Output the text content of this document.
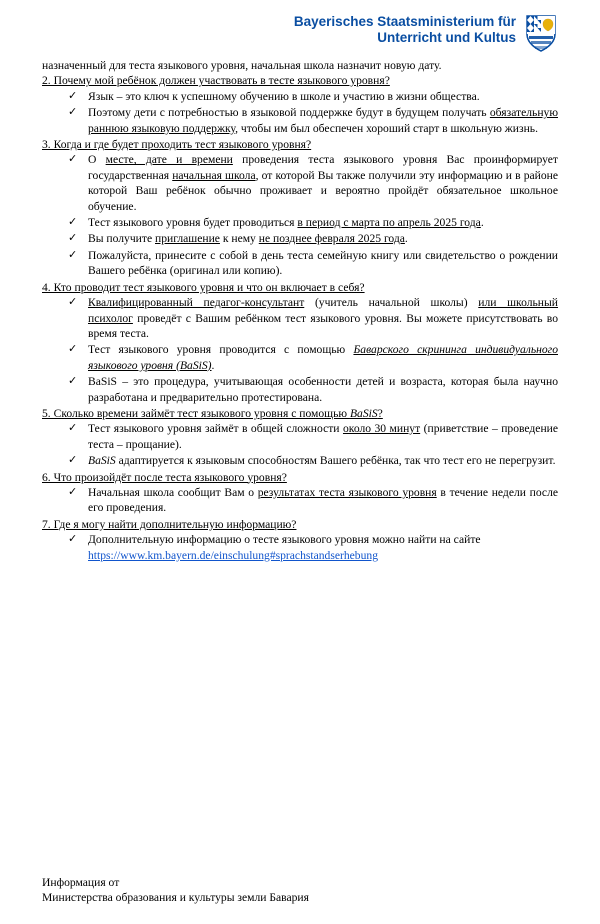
Bayerisches Staatsministerium für
Unterricht und Kultus

назначенный для теста языкового уровня, начальная школа назначит новую дату.

2. Почему мой ребёнок должен участвовать в тесте языкового уровня?

✓ Язык – это ключ к успешному обучению в школе и участию в жизни общества.
✓ Поэтому дети с потребностью в языковой поддержке будут в будущем получать обязательную раннюю языковую поддержку, чтобы им был обеспечен хороший старт в школьную жизнь.

3. Когда и где будет проходить тест языкового уровня?

✓ О месте, дате и времени проведения теста языкового уровня Вас проинформирует государственная начальная школа, от которой Вы также получили эту информацию и в районе которой Ваш ребёнок обычно проживает и вероятно пройдёт обязательное школьное обучение.
✓ Тест языкового уровня будет проводиться в период с марта по апрель 2025 года.
✓ Вы получите приглашение к нему не позднее февраля 2025 года.
✓ Пожалуйста, принесите с собой в день теста семейную книгу или свидетельство о рождении Вашего ребёнка (оригинал или копию).

4. Кто проводит тест языкового уровня и что он включает в себя?

✓ Квалифицированный педагог-консультант (учитель начальной школы) или школьный психолог проведёт с Вашим ребёнком тест языкового уровня. Вы можете присутствовать во время теста.
✓ Тест языкового уровня проводится с помощью Баварского скрининга индивидуального языкового уровня (BaSiS).
✓ BaSiS – это процедура, учитывающая особенности детей и возраста, которая была научно разработана и предварительно протестирована.

5. Сколько времени займёт тест языкового уровня с помощью BaSiS?

✓ Тест языкового уровня займёт в общей сложности около 30 минут (приветствие – проведение теста – прощание).
✓ BaSiS адаптируется к языковым способностям Вашего ребёнка, так что тест его не перегрузит.

6. Что произойдёт после теста языкового уровня?

✓ Начальная школа сообщит Вам о результатах теста языкового уровня в течение недели после его проведения.

7. Где я могу найти дополнительную информацию?

✓ Дополнительную информацию о тесте языкового уровня можно найти на сайте
https://www.km.bayern.de/einschulung#sprachstandserhebung
Информация от
Министерства образования и культуры земли Бавария
